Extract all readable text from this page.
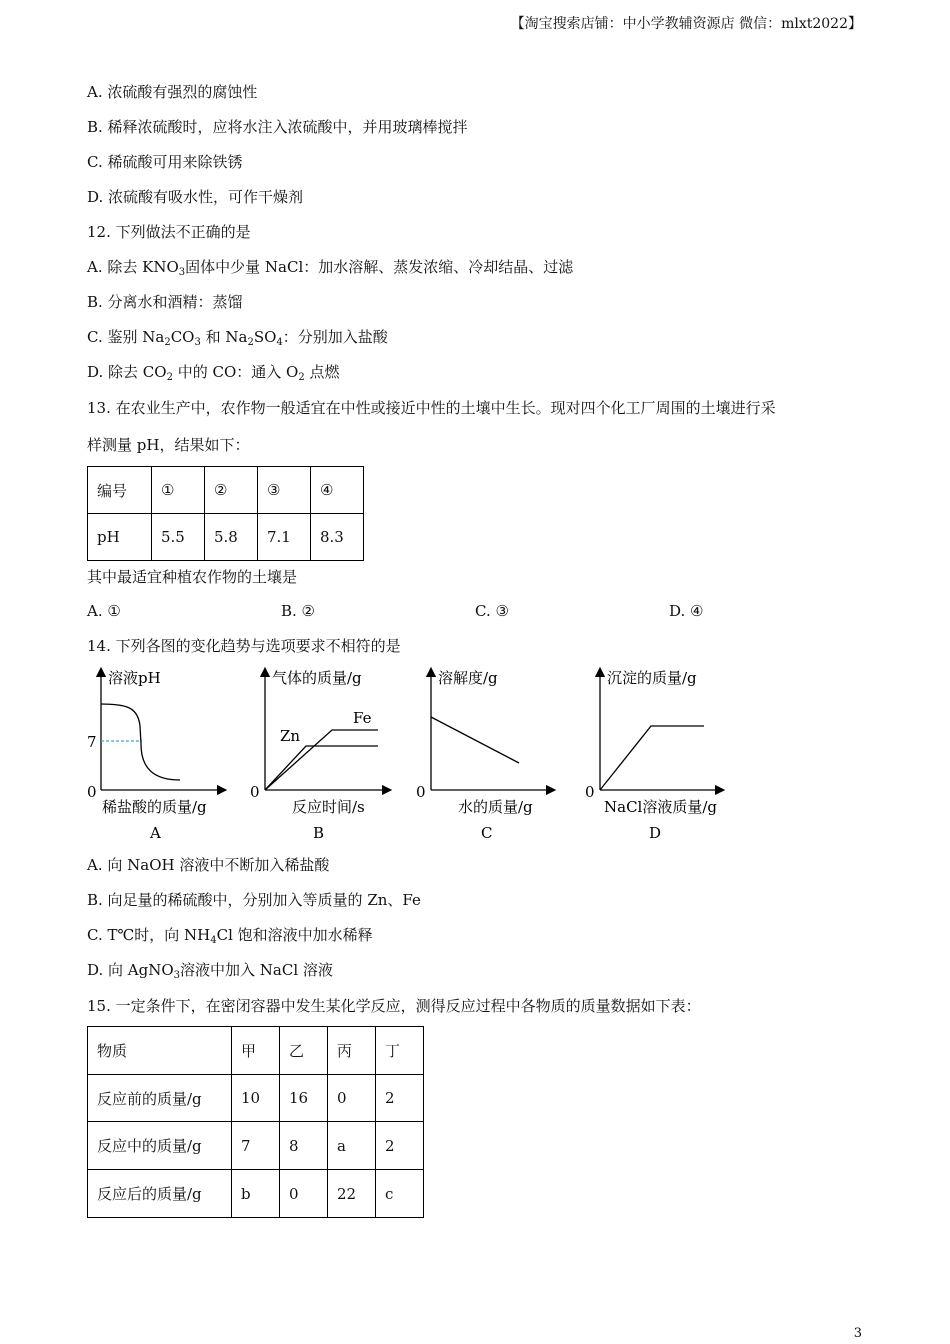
【淘宝搜索店铺：中小学教辅资源店 微信：mlxt2022】
A. 浓硫酸有强烈的腐蚀性
B. 稀释浓硫酸时，应将水注入浓硫酸中，并用玻璃棒搅拌
C. 稀硫酸可用来除铁锈
D. 浓硫酸有吸水性，可作干燥剂
12. 下列做法不正确的是
A. 除去 $KNO_3$固体中少量 NaCl：加水溶解、蒸发浓缩、冷却结晶、过滤
B. 分离水和酒精：蒸馏
C. 鉴别 $Na_2CO_3$ 和 $Na_2SO_4$：分别加入盐酸
D. 除去 $CO_2$ 中的 CO：通入 $O_2$ 点燃
13. 在农业生产中，农作物一般适宜在中性或接近中性的土壤中生长。现对四个化工厂周围的土壤进行采
样测量 pH，结果如下：
编号	①	②	③	④
pH	5.5	5.8	7.1	8.3
其中最适宜种植农作物的土壤是
A. ①	B. ②	C. ③	D. ④
14. 下列各图的变化趋势与选项要求不相符的是
溶液pH
7
0
稀盐酸的质量/g
A
气体的质量/g
Zn
Fe
0
反应时间/s
B
溶解度/g
0
水的质量/g
C
沉淀的质量/g
0
NaCl溶液质量/g
D
A. 向 NaOH 溶液中不断加入稀盐酸
B. 向足量的稀硫酸中，分别加入等质量的 Zn、Fe
C. T℃时，向 $NH_4Cl$ 饱和溶液中加水稀释
D. 向 AgNO$_3$溶液中加入 NaCl 溶液
15. 一定条件下，在密闭容器中发生某化学反应，测得反应过程中各物质的质量数据如下表：
物质	甲	乙	丙	丁
反应前的质量/g	10	16	0	2
反应中的质量/g	7	8	a	2
反应后的质量/g	b	0	22	c
3
